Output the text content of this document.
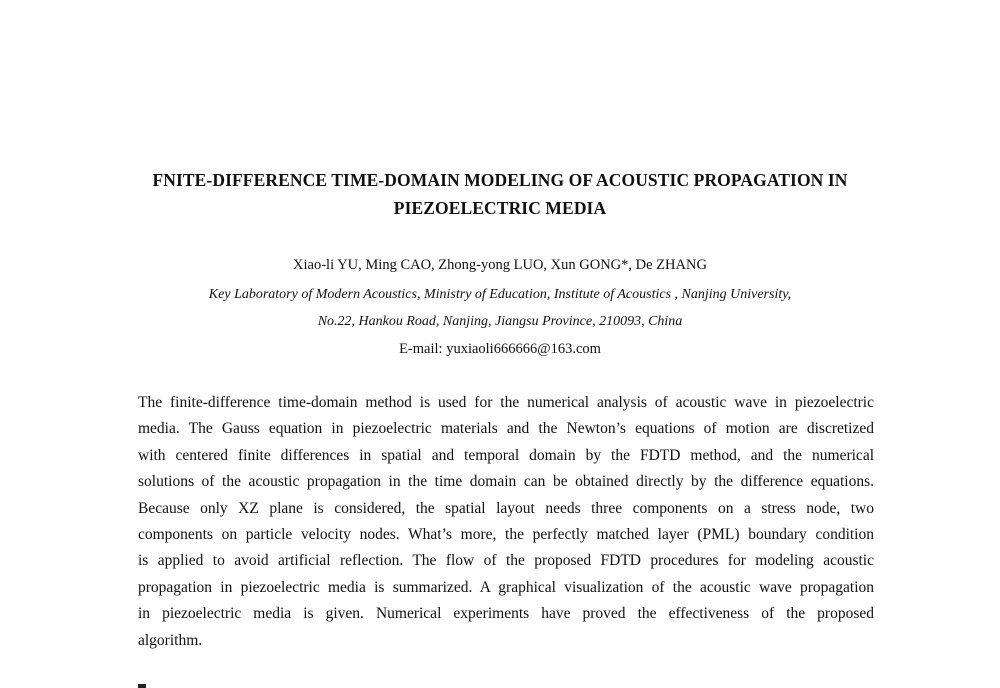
FNITE-DIFFERENCE TIME-DOMAIN MODELING OF ACOUSTIC PROPAGATION IN
PIEZOELECTRIC MEDIA
Xiao-li YU, Ming CAO, Zhong-yong LUO, Xun GONG*, De ZHANG
Key Laboratory of Modern Acoustics, Ministry of Education, Institute of Acoustics , Nanjing University,
No.22, Hankou Road, Nanjing, Jiangsu Province, 210093, China
E-mail: yuxiaoli666666@163.com
The finite-difference time-domain method is used for the numerical analysis of acoustic wave in piezoelectric
media. The Gauss equation in piezoelectric materials and the Newton’s equations of motion are discretized
with centered finite differences in spatial and temporal domain by the FDTD method, and the numerical
solutions of the acoustic propagation in the time domain can be obtained directly by the difference equations.
Because only XZ plane is considered, the spatial layout needs three components on a stress node, two
components on particle velocity nodes. What’s more, the perfectly matched layer (PML) boundary condition
is applied to avoid artificial reflection. The flow of the proposed FDTD procedures for modeling acoustic
propagation in piezoelectric media is summarized. A graphical visualization of the acoustic wave propagation
in piezoelectric media is given. Numerical experiments have proved the effectiveness of the proposed
algorithm.
